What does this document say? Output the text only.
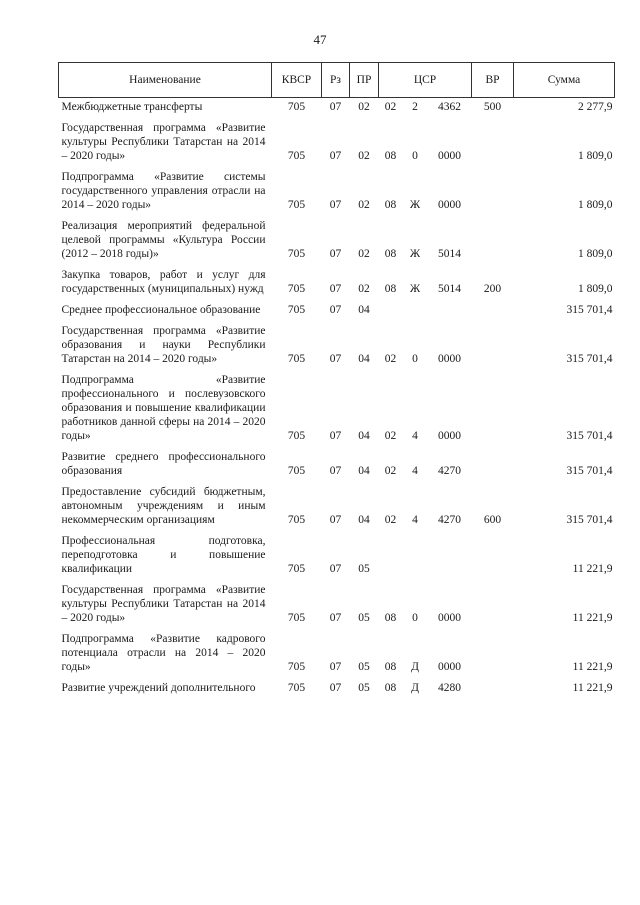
47
Наименование	КВСР	Рз	ПР	ЦСР	ВР	Сумма
Межбюджетные трансферты	705	07	02	02 2 4362	500	2 277,9
Государственная программа «Развитие культуры Республики Татарстан на 2014 – 2020 годы»	705	07	02	08 0 0000		1 809,0
Подпрограмма «Развитие системы государственного управления отрасли на 2014 – 2020 годы»	705	07	02	08 Ж 0000		1 809,0
Реализация мероприятий федеральной целевой программы «Культура России (2012 – 2018 годы)»	705	07	02	08 Ж 5014		1 809,0
Закупка товаров, работ и услуг для государственных (муниципальных) нужд	705	07	02	08 Ж 5014	200	1 809,0
Среднее профессиональное образование	705	07	04			315 701,4
Государственная программа «Развитие образования и науки Республики Татарстан на 2014 – 2020 годы»	705	07	04	02 0 0000		315 701,4
Подпрограмма «Развитие профессионального и послевузовского образования и повышение квалификации работников данной сферы на 2014 – 2020 годы»	705	07	04	02 4 0000		315 701,4
Развитие среднего профессионального образования	705	07	04	02 4 4270		315 701,4
Предоставление субсидий бюджетным, автономным учреждениям и иным некоммерческим организациям	705	07	04	02 4 4270	600	315 701,4
Профессиональная подготовка, переподготовка и повышение квалификации	705	07	05			11 221,9
Государственная программа «Развитие культуры Республики Татарстан на 2014 – 2020 годы»	705	07	05	08 0 0000		11 221,9
Подпрограмма «Развитие кадрового потенциала отрасли на 2014 – 2020 годы»	705	07	05	08 Д 0000		11 221,9
Развитие учреждений дополнительного	705	07	05	08 Д 4280		11 221,9
